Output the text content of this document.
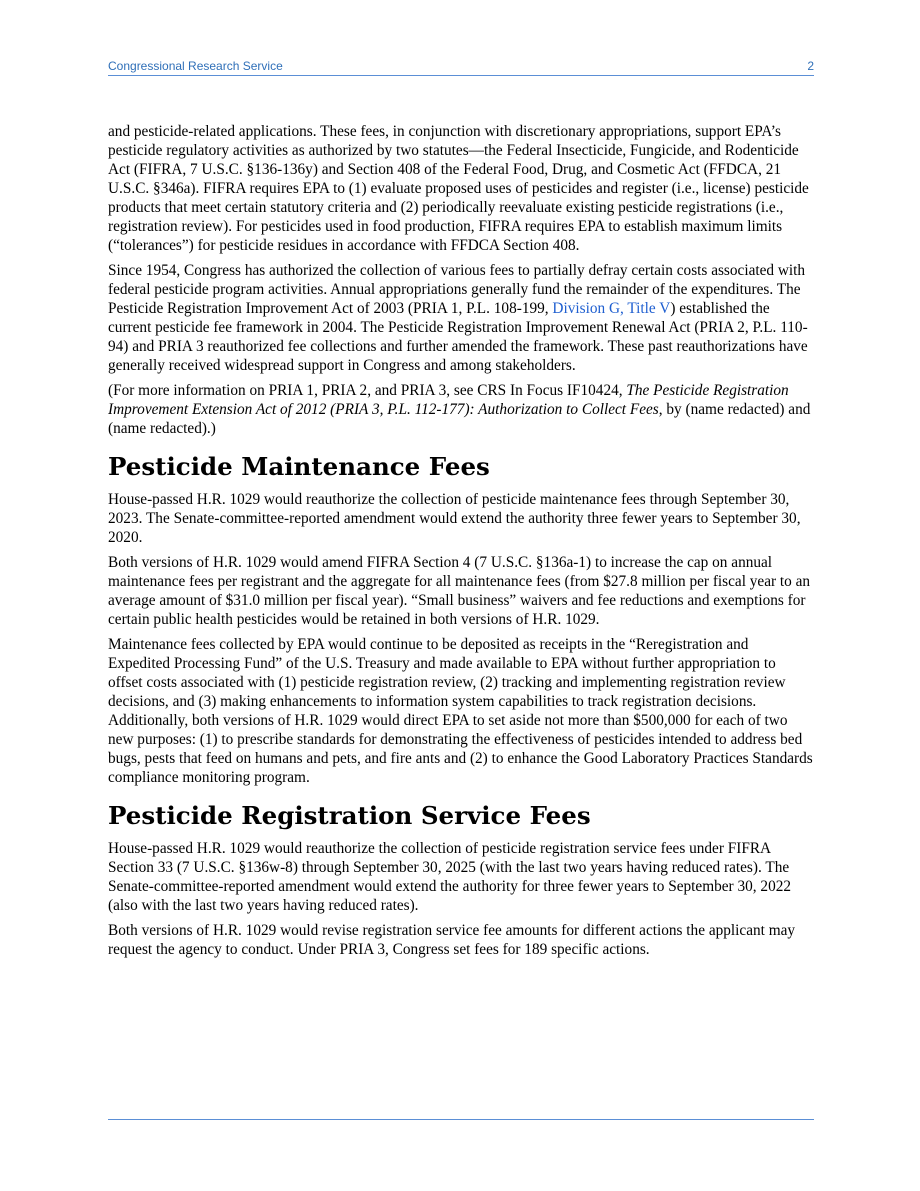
Congressional Research Service	2

and pesticide-related applications. These fees, in conjunction with discretionary appropriations, support EPA’s pesticide regulatory activities as authorized by two statutes—the Federal Insecticide, Fungicide, and Rodenticide Act (FIFRA, 7 U.S.C. §136-136y) and Section 408 of the Federal Food, Drug, and Cosmetic Act (FFDCA, 21 U.S.C. §346a). FIFRA requires EPA to (1) evaluate proposed uses of pesticides and register (i.e., license) pesticide products that meet certain statutory criteria and (2) periodically reevaluate existing pesticide registrations (i.e., registration review). For pesticides used in food production, FIFRA requires EPA to establish maximum limits (“tolerances”) for pesticide residues in accordance with FFDCA Section 408.

Since 1954, Congress has authorized the collection of various fees to partially defray certain costs associated with federal pesticide program activities. Annual appropriations generally fund the remainder of the expenditures. The Pesticide Registration Improvement Act of 2003 (PRIA 1, P.L. 108-199, Division G, Title V) established the current pesticide fee framework in 2004. The Pesticide Registration Improvement Renewal Act (PRIA 2, P.L. 110-94) and PRIA 3 reauthorized fee collections and further amended the framework. These past reauthorizations have generally received widespread support in Congress and among stakeholders.

(For more information on PRIA 1, PRIA 2, and PRIA 3, see CRS In Focus IF10424, The Pesticide Registration Improvement Extension Act of 2012 (PRIA 3, P.L. 112-177): Authorization to Collect Fees, by (name redacted) and (name redacted).)

Pesticide Maintenance Fees

House-passed H.R. 1029 would reauthorize the collection of pesticide maintenance fees through September 30, 2023. The Senate-committee-reported amendment would extend the authority three fewer years to September 30, 2020.

Both versions of H.R. 1029 would amend FIFRA Section 4 (7 U.S.C. §136a-1) to increase the cap on annual maintenance fees per registrant and the aggregate for all maintenance fees (from $27.8 million per fiscal year to an average amount of $31.0 million per fiscal year). “Small business” waivers and fee reductions and exemptions for certain public health pesticides would be retained in both versions of H.R. 1029.

Maintenance fees collected by EPA would continue to be deposited as receipts in the “Reregistration and Expedited Processing Fund” of the U.S. Treasury and made available to EPA without further appropriation to offset costs associated with (1) pesticide registration review, (2) tracking and implementing registration review decisions, and (3) making enhancements to information system capabilities to track registration decisions. Additionally, both versions of H.R. 1029 would direct EPA to set aside not more than $500,000 for each of two new purposes: (1) to prescribe standards for demonstrating the effectiveness of pesticides intended to address bed bugs, pests that feed on humans and pets, and fire ants and (2) to enhance the Good Laboratory Practices Standards compliance monitoring program.

Pesticide Registration Service Fees

House-passed H.R. 1029 would reauthorize the collection of pesticide registration service fees under FIFRA Section 33 (7 U.S.C. §136w-8) through September 30, 2025 (with the last two years having reduced rates). The Senate-committee-reported amendment would extend the authority for three fewer years to September 30, 2022 (also with the last two years having reduced rates).

Both versions of H.R. 1029 would revise registration service fee amounts for different actions the applicant may request the agency to conduct. Under PRIA 3, Congress set fees for 189 specific actions.
